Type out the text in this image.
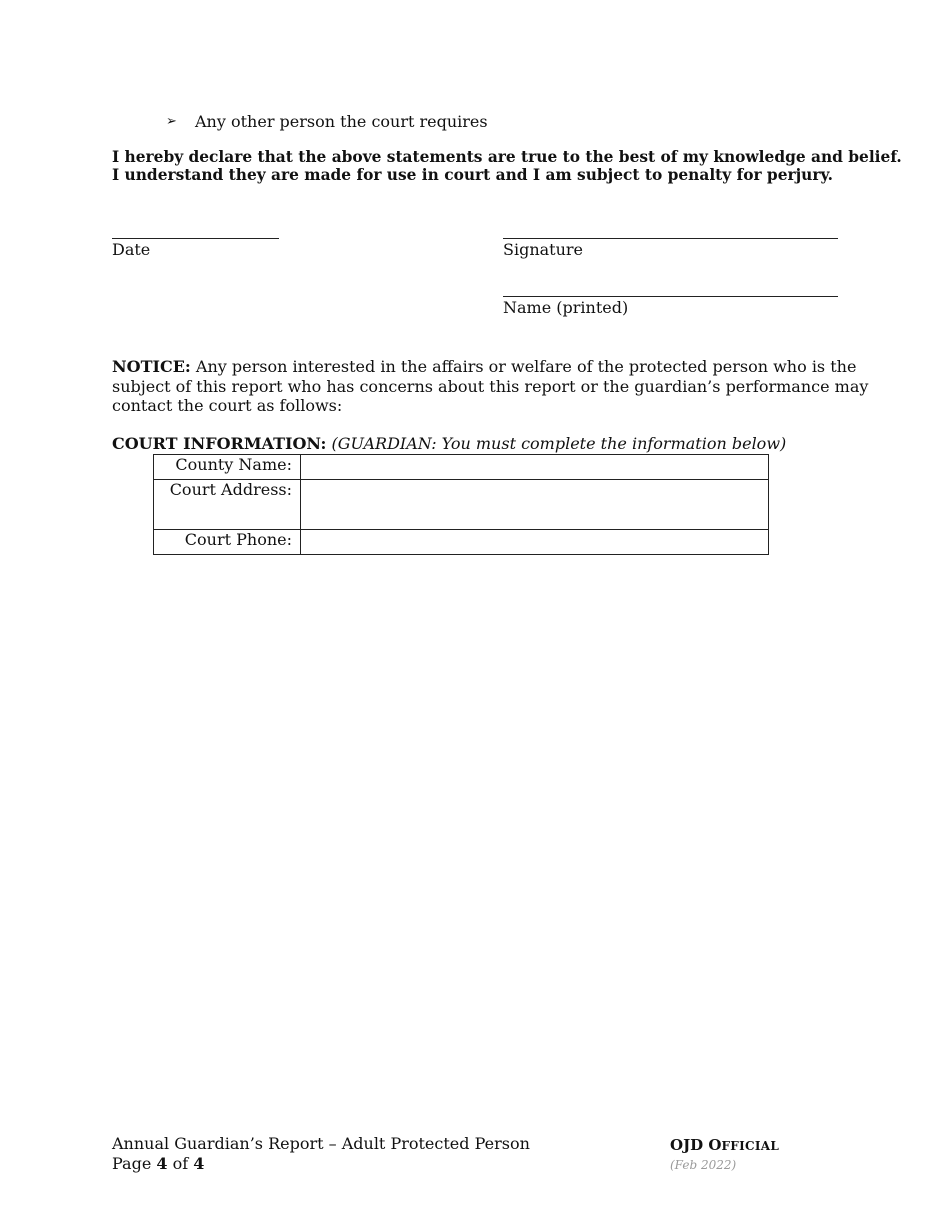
➢ Any other person the court requires
I hereby declare that the above statements are true to the best of my knowledge and belief.
I understand they are made for use in court and I am subject to penalty for perjury.
Date	Signature
Name (printed)
NOTICE: Any person interested in the affairs or welfare of the protected person who is the
subject of this report who has concerns about this report or the guardian’s performance may
contact the court as follows:
COURT INFORMATION: (GUARDIAN: You must complete the information below)
County Name:	
Court Address:	
Court Phone:	
Annual Guardian’s Report – Adult Protected Person
Page 4 of 4
OJD OFFICIAL
(Feb 2022)
